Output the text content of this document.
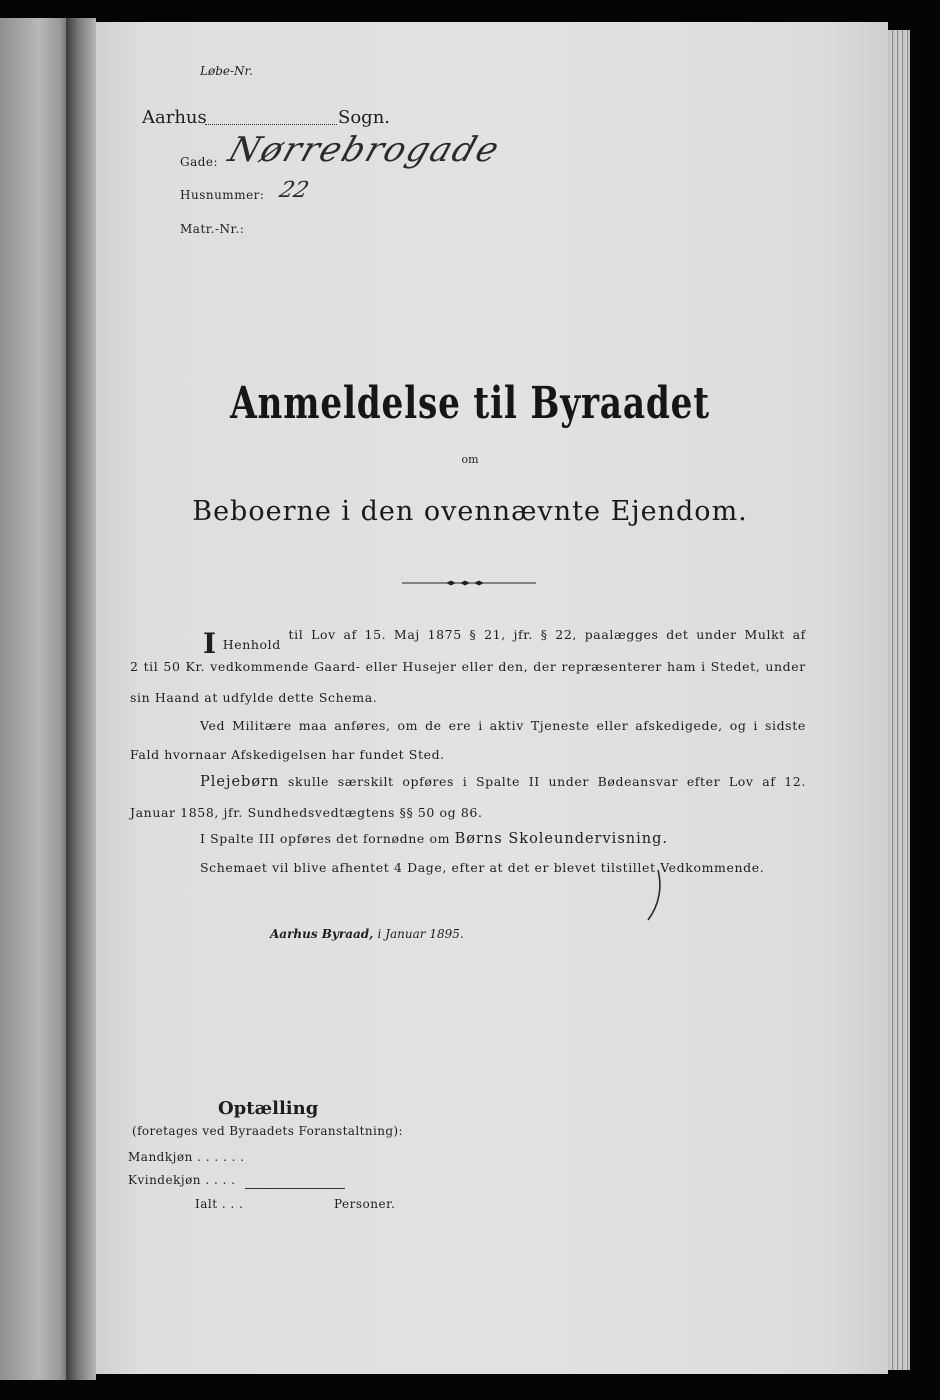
Løbe-Nr.
Aarhus	Sogn.
Gade: Nørrebrogade
Husnummer: 22
Matr.-Nr.:
Anmeldelse til Byraadet
om
Beboerne i den ovennævnte Ejendom.
I Henhold
til Lov af 15. Maj 1875 § 21, jfr. § 22, paalægges det under Mulkt af
2 til 50 Kr. vedkommende Gaard- eller Husejer eller den, der repræsenterer ham i Stedet, under
sin Haand at udfylde dette Schema.
Ved Militære maa anføres, om de ere i aktiv Tjeneste eller afskedigede, og i sidste
Fald hvornaar Afskedigelsen har fundet Sted.
Plejebørn skulle særskilt opføres i Spalte II under Bødeansvar efter Lov af 12.
Januar 1858, jfr. Sundhedsvedtægtens §§ 50 og 86.
I Spalte III opføres det fornødne om Børns Skoleundervisning.
Schemaet vil blive afhentet 4 Dage, efter at det er blevet tilstillet Vedkommende.
Aarhus Byraad, i Januar 1895.
Optælling
(foretages ved Byraadets Foranstaltning):
Mandkjøn . . . . . .
Kvindekjøn . . . .
Ialt . . .	Personer.
